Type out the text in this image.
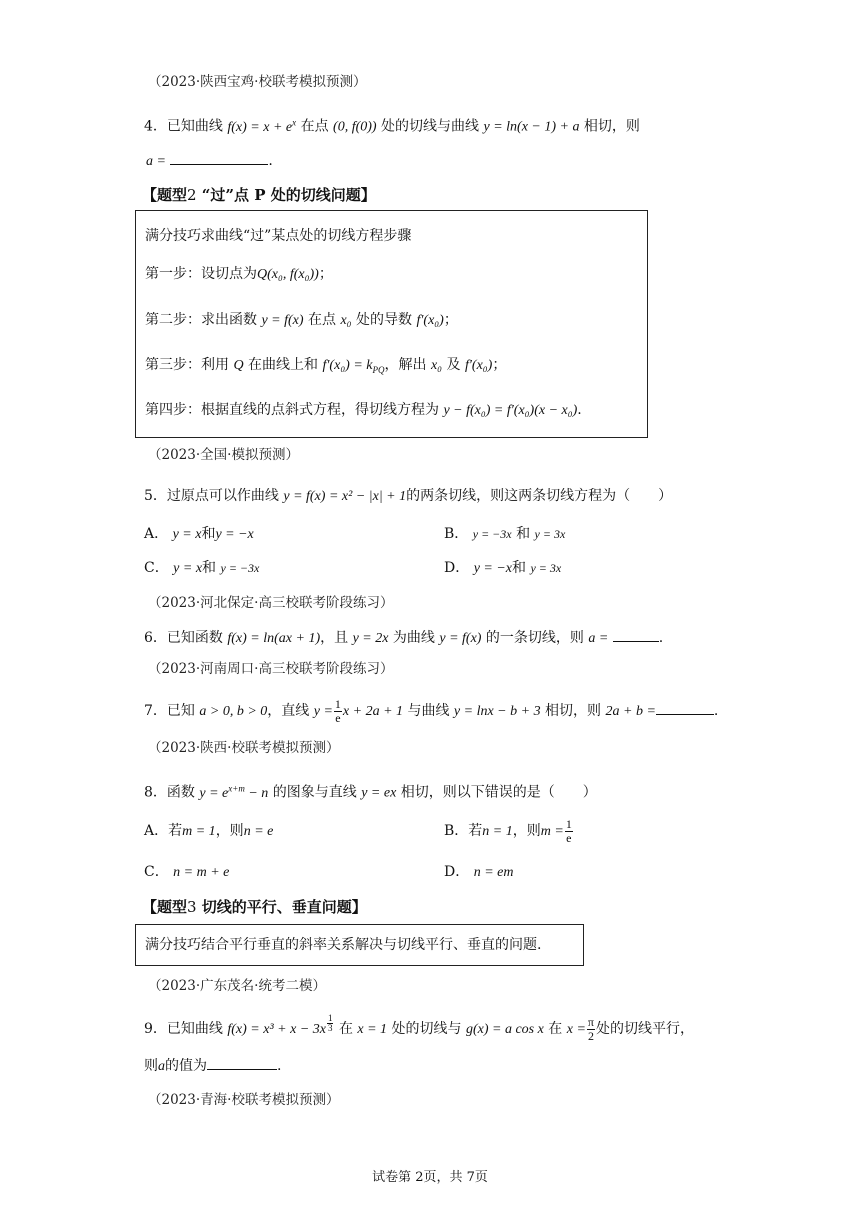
（2023·陕西宝鸡·校联考模拟预测）
4．已知曲线 $f(x) = x + e^x$ 在点 (0, f(0)) 处的切线与曲线 y = ln(x − 1) + a 相切，则
a =	.
【题型2 “过”点 P 处的切线问题】
满分技巧求曲线“过”某点处的切线方程步骤
第一步：设切点为Q(x₀, f(x₀))；
第二步：求出函数 y = f(x) 在点 x₀ 处的导数 f′(x₀)；
第三步：利用 Q 在曲线上和 $f'(x_0) = k_{PQ}$，解出 x₀ 及 f′(x₀)；
第四步：根据直线的点斜式方程，得切线方程为 y − f(x₀) = f′(x₀)(x − x₀).
（2023·全国·模拟预测）
5．过原点可以作曲线 y = f(x) = x² − |x| + 1的两条切线，则这两条切线方程为（　　）
A． y = x和y = −x	B． y = −3x 和 y = 3x
C． y = x和 y = −3x	D． y = −x和 y = 3x
（2023·河北保定·高三校联考阶段练习）
6．已知函数 f(x) = ln(ax + 1)，且 y = 2x 为曲线 y = f(x) 的一条切线，则 a =	.
（2023·河南周口·高三校联考阶段练习）
7．已知 a > 0, b > 0，直线 $y = \frac{1}{e}$ x + 2a + 1 与曲线 y = lnx − b + 3 相切，则 2a + b =	.
（2023·陕西·校联考模拟预测）
8．函数 $y = e^{x+m} - n$ 的图象与直线 y = ex 相切，则以下错误的是（　　）
A．若m = 1，则n = e	B．若n = 1，则$m = \frac{1}{e}$
C． n = m + e	D． n = em
【题型3 切线的平行、垂直问题】
满分技巧结合平行垂直的斜率关系解决与切线平行、垂直的问题.
（2023·广东茂名·统考二模）
9．已知曲线 $f(x) = x^3 + x - 3x \frac{1}{3}$ 在 x = 1 处的切线与 g(x) = a cos x 在 $x = \frac{\pi}{2}$ 处的切线平行，
则a的值为	.
（2023·青海·校联考模拟预测）
试卷第 2页，共 7页
